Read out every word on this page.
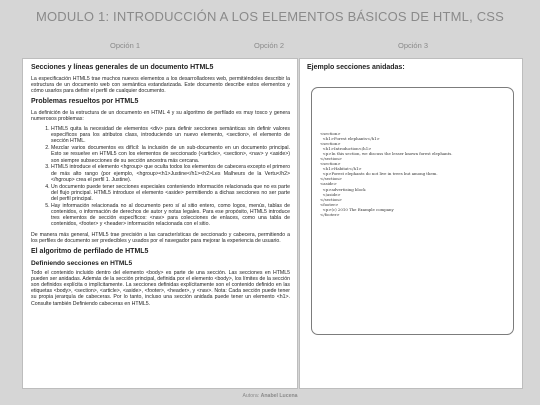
MODULO 1: INTRODUCCIÓN A LOS ELEMENTOS BÁSICOS DE HTML, CSS
Opción 1	Opción 2	Opción 3
Secciones y líneas generales de un documento HTML5

La especificación HTML5 trae muchos nuevos elementos a los desarrolladores web, permitiéndoles describir la estructura de un documento web con semántica estandarizada. Este documento describe estos elementos y cómo usarlos para definir el perfil de cualquier documento.

Problemas resueltos por HTML5

La definición de la estructura de un documento en HTML 4 y su algoritmo de perfilado es muy tosco y genera numerosos problemas:

1. HTML5 quita la necesidad de elementos <div> para definir secciones semánticas sin definir valores específicos para los atributos class, introduciendo un nuevo elemento, <section>, el elemento de sección HTML.
2. Mezclar varios documentos es difícil: la inclusión de un sub-documento en un documento principal. Esto se resuelve en HTML5 con los elementos de seccionado (<article>, <section>, <nav> y <aside>) son siempre subsecciones de su sección ancestra más cercana.
3. HTML5 introduce el elemento <hgroup> que oculta todos los elementos de cabecera excepto el primero de más alto rango (por ejemplo, <hgroup><h1>Justine</h1><h2>Les Malheurs de la Vertu</h2></hgroup> crea el perfil 1. Justine).
4. Un documento puede tener secciones especiales conteniendo información relacionada que no es parte del flujo principal. HTML5 introduce el elemento <aside> permitiendo a dichas secciones no ser parte del perfil principal.
5. Hay información relacionada no al documento pero sí al sitio entero, como logos, menús, tablas de contenidos, o información de derechos de autor y notas legales. Para ese propósito, HTML5 introduce tres elementos de sección específicos: <nav> para colecciones de enlaces, como una tabla de contenidos, <footer> y <header> información relacionada con el sitio.

De manera más general, HTML5 trae precisión a las características de seccionado y cabecera, permitiendo a los perfiles de documento ser predecibles y usados por el navegador para mejorar la experiencia de usuario.

El algoritmo de perfilado de HTML5
Definiendo secciones en HTML5

Todo el contenido incluido dentro del elemento <body> es parte de una sección. Las secciones en HTML5 pueden ser anidadas. Además de la sección principal, definida por el elemento <body>, los límites de la sección son definidos explícita o implícitamente. La secciones definidas explícitamente son el contenido definido en las etiquetas <body>, <section>, <article>, <aside>, <footer>, <header>, y <nav>. Nota: Cada sección puede tener su propia jerarquía de cabeceras. Por lo tanto, incluso una sección anidada puede tener un elemento <h1>. Consulte también Definiendo cabeceras en HTML5.

Ejemplo secciones anidadas:
<section>
<h1>Forest elephants</h1>
<section>
<h1>Introduction</h1>
<p>In this section, we discuss the lesser known forest elephants.
</section>
<section>
<h1>Habitat</h1>
<p>Forest elephants do not live in trees but among them.
</section>
<aside>
<p>advertising block
</aside>
</section>
<footer>
<p>(c) 2010 The Example company
</footer>
Autora: Anabel Lucena
